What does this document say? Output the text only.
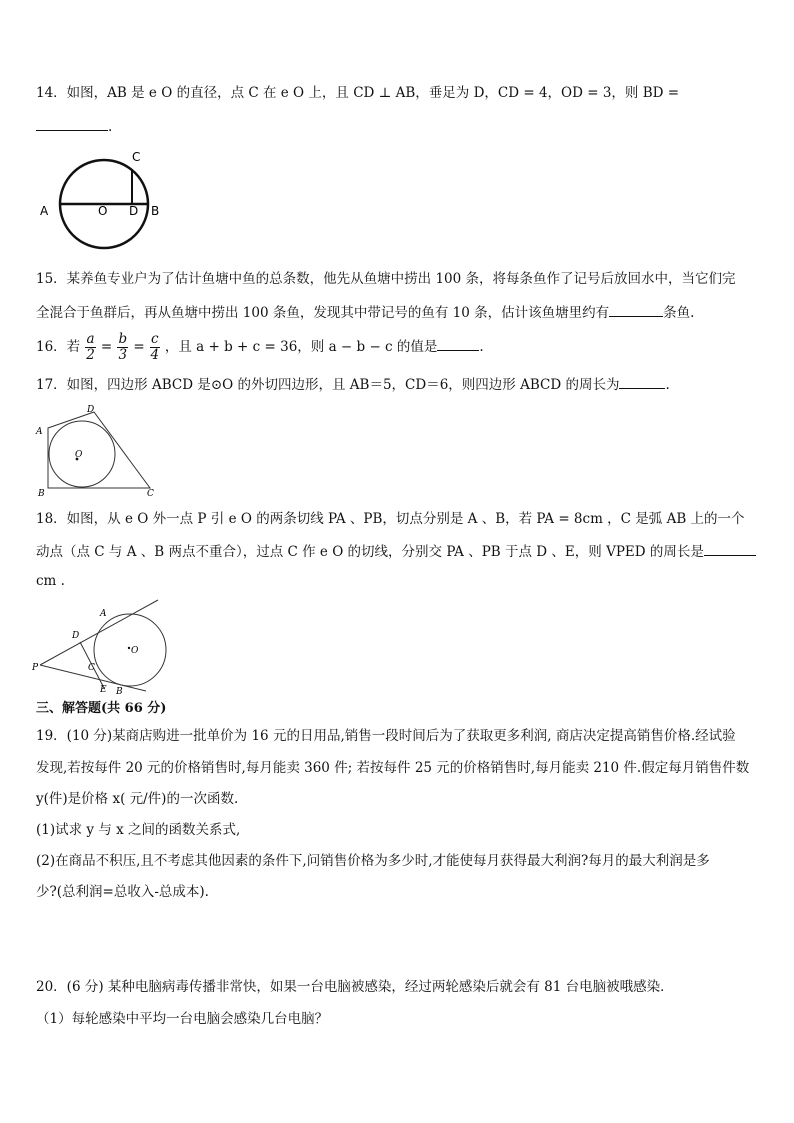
14．如图，AB 是 e O 的直径，点 C 在 e O 上，且 CD ⊥ AB，垂足为 D，CD = 4，OD = 3，则 BD =
.
A	O D B
C
15．某养鱼专业户为了估计鱼塘中鱼的总条数，他先从鱼塘中捞出 100 条，将每条鱼作了记号后放回水中，当它们完
全混合于鱼群后，再从鱼塘中捞出 100 条鱼，发现其中带记号的鱼有 10 条，估计该鱼塘里约有	条鱼.
16．若 $\frac{a}{2} = \frac{b}{3} = \frac{c}{4}$ ，且 a + b + c = 36，则 a − b − c 的值是	.
17．如图，四边形 ABCD 是⊙O 的外切四边形，且 AB＝5，CD＝6，则四边形 ABCD 的周长为	.
A
D
B	C
O
18．如图，从 e O 外一点 P 引 e O 的两条切线 PA 、PB，切点分别是 A 、B，若 PA = 8cm ，C 是弧 AB 上的一个
动点（点 C 与 A 、B 两点不重合），过点 C 作 e O 的切线，分别交 PA 、PB 于点 D 、E，则 VPED 的周长是
cm .
P
A
D
C
E B
O
三、解答题(共 66 分)
19．(10 分)某商店购进一批单价为 16 元的日用品,销售一段时间后为了获取更多利润, 商店决定提高销售价格.经试验
发现,若按每件 20 元的价格销售时,每月能卖 360 件; 若按每件 25 元的价格销售时,每月能卖 210 件.假定每月销售件数
y(件)是价格 x( 元/件)的一次函数.
(1)试求 y 与 x 之间的函数关系式,
(2)在商品不积压,且不考虑其他因素的条件下,问销售价格为多少时,才能使每月获得最大利润?每月的最大利润是多
少?(总利润=总收入-总成本).
20．(6 分) 某种电脑病毒传播非常快，如果一台电脑被感染，经过两轮感染后就会有 81 台电脑被哦感染．
（1）每轮感染中平均一台电脑会感染几台电脑？
